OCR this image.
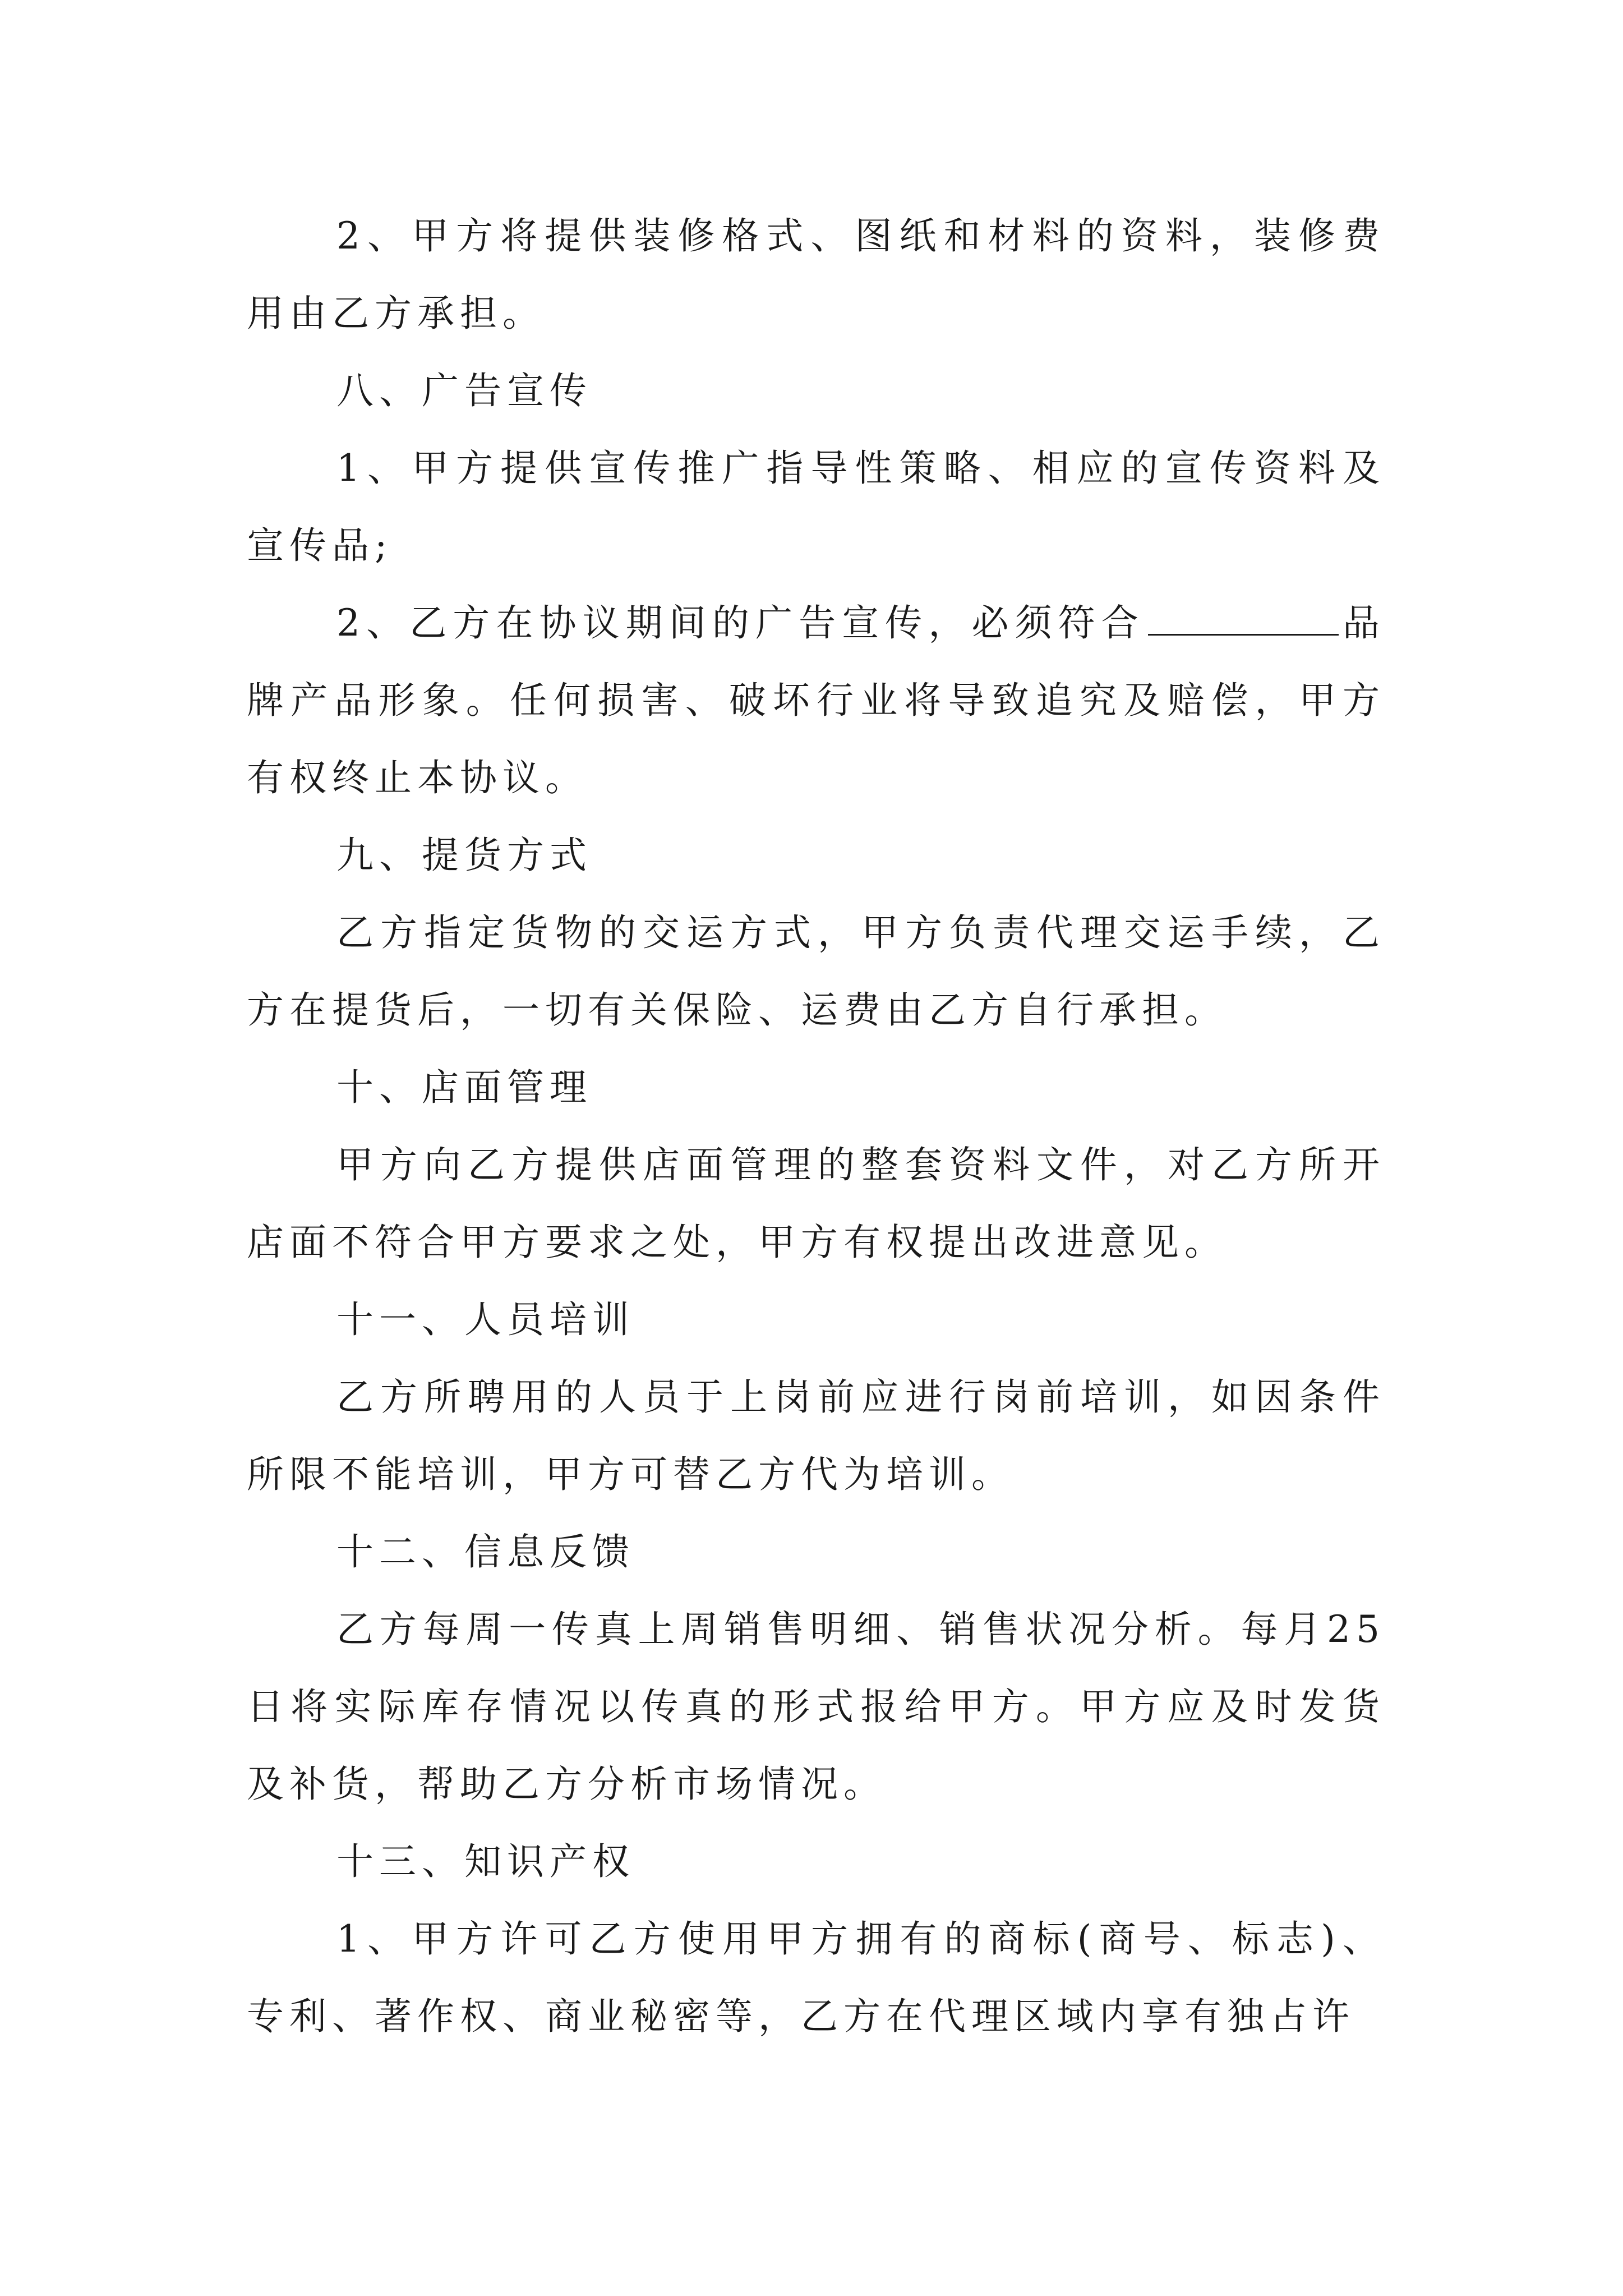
2、甲方将提供装修格式、图纸和材料的资料，装修费用由乙方承担。

八、广告宣传

1、甲方提供宣传推广指导性策略、相应的宣传资料及宣传品;

2、乙方在协议期间的广告宣传，必须符合	品牌产品形象。任何损害、破坏行业将导致追究及赔偿，甲方有权终止本协议。

九、提货方式

乙方指定货物的交运方式，甲方负责代理交运手续，乙方在提货后，一切有关保险、运费由乙方自行承担。

十、店面管理

甲方向乙方提供店面管理的整套资料文件，对乙方所开店面不符合甲方要求之处，甲方有权提出改进意见。

十一、人员培训

乙方所聘用的人员于上岗前应进行岗前培训，如因条件所限不能培训，甲方可替乙方代为培训。

十二、信息反馈

乙方每周一传真上周销售明细、销售状况分析。每月25日将实际库存情况以传真的形式报给甲方。甲方应及时发货及补货，帮助乙方分析市场情况。

十三、知识产权

1、甲方许可乙方使用甲方拥有的商标(商号、标志)、专利、著作权、商业秘密等，乙方在代理区域内享有独占许
